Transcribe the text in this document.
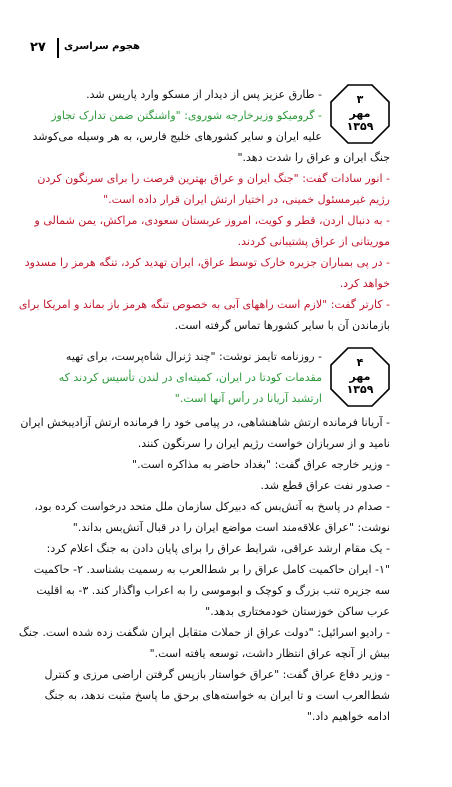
۲۷ هجوم سراسری
۳
مهر
۱۳۵۹
- طارق عزیز پس از دیدار از مسکو وارد پاریس شد.
- گرومیکو وزیرخارجه شوروی: "واشنگتن ضمن تدارک تجاوز
علیه ایران و سایر کشورهای خلیج فارس، به هر وسیله می‌کوشد
جنگ ایران و عراق را شدت دهد."
- انور سادات گفت: "جنگ ایران و عراق بهترین فرصت را برای سرنگون کردن
رژیم غیرمسئول خمینی، در اختیار ارتش ایران قرار داده است."
- به دنبال اردن، قطر و کویت، امروز عربستان سعودی، مراکش، یمن شمالی و
موریتانی از عراق پشتیبانی کردند.
- در پی بمباران جزیره خارک توسط عراق، ایران تهدید کرد، تنگه هرمز را مسدود
خواهد کرد.
- کارتر گفت: "لازم است راههای آبی به خصوص تنگه هرمز باز بماند و امریکا برای
بازماندن آن با سایر کشورها تماس گرفته است.
۴
مهر
۱۳۵۹
- روزنامه تایمز نوشت: "چند ژنرال شاه‌پرست، برای تهیه
مقدمات کودتا در ایران، کمیته‌ای در لندن تأسیس کردند که
ارتشبد آریانا در رأس آنها است."
- آریانا فرمانده ارتش شاهنشاهی، در پیامی خود را فرمانده ارتش آزادیبخش ایران
نامید و از سربازان خواست رژیم ایران را سرنگون کنند.
- وزیر خارجه عراق گفت: "بغداد حاضر به مذاکره است."
- صدور نفت عراق قطع شد.
- صدام در پاسخ به آتش‌بس که دبیرکل سازمان ملل متحد درخواست کرده بود،
نوشت: "عراق علاقه‌مند است مواضع ایران را در قبال آتش‌بس بداند."
- یک مقام ارشد عراقی، شرایط عراق را برای پایان دادن به جنگ اعلام کرد:
"۱- ایران حاکمیت کامل عراق را بر شط‌العرب به رسمیت بشناسد. ۲- حاکمیت
سه جزیره تنب بزرگ و کوچک و ابوموسی را به اعراب واگذار کند. ۳- به اقلیت
عرب ساکن خوزستان خودمختاری بدهد."
- رادیو اسرائیل: "دولت عراق از حملات متقابل ایران شگفت زده شده است. جنگ
بیش از آنچه عراق انتظار داشت، توسعه یافته است."
- وزیر دفاع عراق گفت: "عراق خواستار بازپس گرفتن اراضی مرزی و کنترل
شط‌العرب است و تا ایران به خواسته‌های برحق ما پاسخ مثبت ندهد، به جنگ
ادامه خواهیم داد."
